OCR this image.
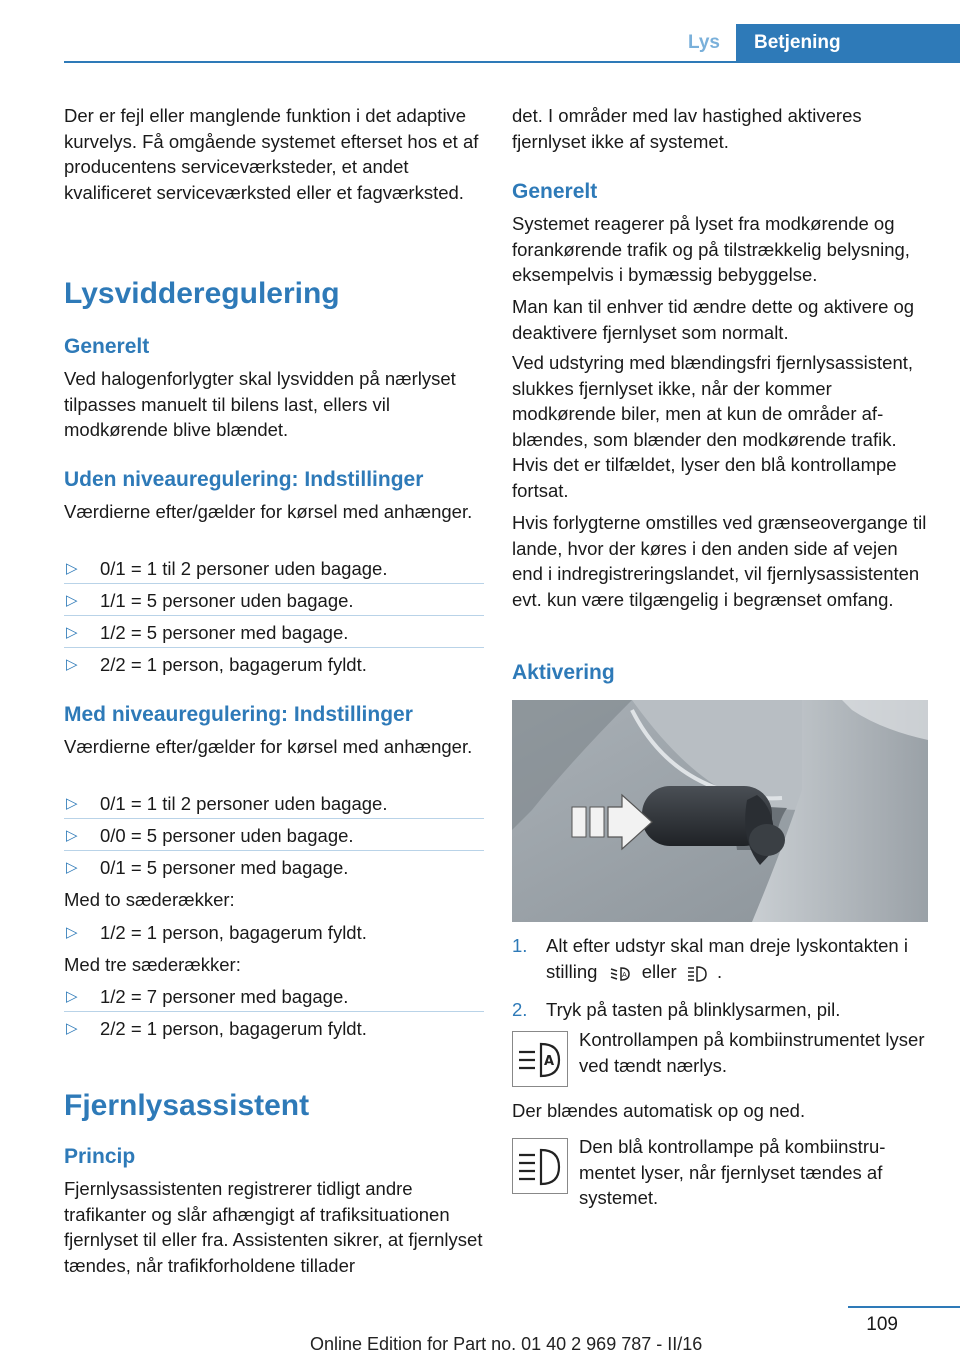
Lys	Betjening

Der er fejl eller manglende funktion i det adaptive kurvelys. Få omgående systemet efterset hos et af producentens serviceværksteder, et andet kvalificeret serviceværksted eller et fagværksted.

Lysvidderegulering
Generelt

Ved halogenforlygter skal lysvidden på nærlyset tilpasses manuelt til bilens last, ellers vil modkørende blive blændet.

Uden niveauregulering: Indstillinger

Værdierne efter/gælder for kørsel med anhænger.

▷ 0/1 = 1 til 2 personer uden bagage.
▷ 1/1 = 5 personer uden bagage.
▷ 1/2 = 5 personer med bagage.
▷ 2/2 = 1 person, bagagerum fyldt.
Med niveauregulering: Indstillinger

Værdierne efter/gælder for kørsel med anhænger.

▷ 0/1 = 1 til 2 personer uden bagage.
▷ 0/0 = 5 personer uden bagage.
▷ 0/1 = 5 personer med bagage.

Med to sæderækker:

▷ 1/2 = 1 person, bagagerum fyldt.

Med tre sæderækker:

▷ 1/2 = 7 personer med bagage.
▷ 2/2 = 1 person, bagagerum fyldt.
Fjernlysassistent
Princip

Fjernlysassistenten registrerer tidligt andre trafikanter og slår afhængigt af trafiksituationen fjernlyset til eller fra. Assistenten sikrer, at fjernlyset tændes, når trafikforholdene tillader

det. I områder med lav hastighed aktiveres fjernlyset ikke af systemet.

Generelt

Systemet reagerer på lyset fra modkørende og forankørende trafik og på tilstrækkelig belysning, eksempelvis i bymæssig bebyggelse.

Man kan til enhver tid ændre dette og aktivere og deaktivere fjernlyset som normalt.

Ved udstyring med blændingsfri fjernlysassistent, slukkes fjernlyset ikke, når der kommer modkørende biler, men at kun de områder afblændes, som blænder den modkørende trafik. Hvis det er tilfældet, lyser den blå kontrollampe fortsat.

Hvis forlygterne omstilles ved grænseovergange til lande, hvor der køres i den anden side af vejen end i indregistreringslandet, vil fjernlysassistenten evt. kun være tilgængelig i begrænset omfang.

Aktivering
1. Alt efter udstyr skal man dreje lyskontakten i stilling	A eller .
2. Tryk på tasten på blinklysarmen, pil.
A

Kontrollampen på kombiinstrumentet lyser ved tændt nærlys.

Der blændes automatisk op og ned.

Den blå kontrollampe på kombiinstrumentet lyser, når fjernlyset tændes af systemet.

109
Online Edition for Part no. 01 40 2 969 787 - II/16
